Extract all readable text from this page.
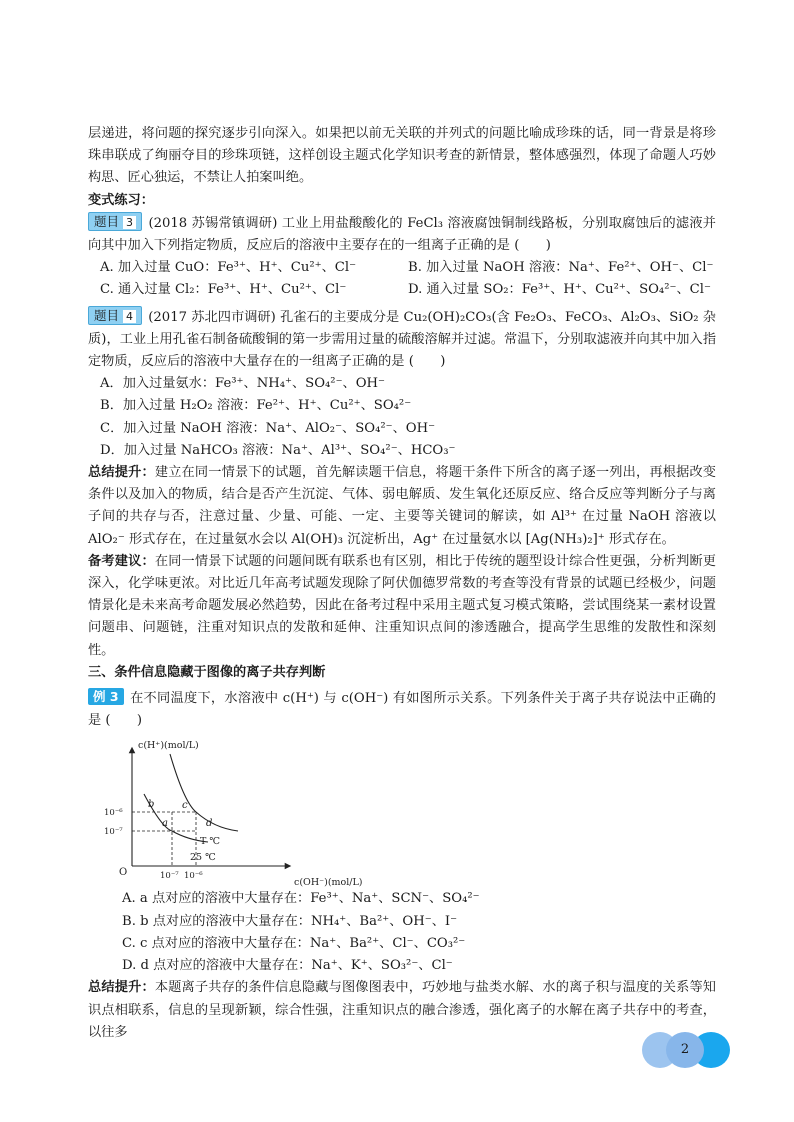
层递进，将问题的探究逐步引向深入。如果把以前无关联的并列式的问题比喻成珍珠的话，同一背景是将珍珠串联成了绚丽夺目的珍珠项链，这样创设主题式化学知识考查的新情景，整体感强烈，体现了命题人巧妙构思、匠心独运，不禁让人拍案叫绝。

变式练习：

题目 3 (2018 苏锡常镇调研) 工业上用盐酸酸化的 FeCl₃ 溶液腐蚀铜制线路板，分别取腐蚀后的滤液并向其中加入下列指定物质，反应后的溶液中主要存在的一组离子正确的是 (　　)

A. 加入过量 CuO：Fe³⁺、H⁺、Cu²⁺、Cl⁻	B. 加入过量 NaOH 溶液：Na⁺、Fe²⁺、OH⁻、Cl⁻
C. 通入过量 Cl₂：Fe³⁺、H⁺、Cu²⁺、Cl⁻	D. 通入过量 SO₂：Fe³⁺、H⁺、Cu²⁺、SO₄²⁻、Cl⁻

题目 4 (2017 苏北四市调研) 孔雀石的主要成分是 Cu₂(OH)₂CO₃(含 Fe₂O₃、FeCO₃、Al₂O₃、SiO₂ 杂质)，工业上用孔雀石制备硫酸铜的第一步需用过量的硫酸溶解并过滤。常温下，分别取滤液并向其中加入指定物质，反应后的溶液中大量存在的一组离子正确的是 (　　)

A．加入过量氨水：Fe³⁺、NH₄⁺、SO₄²⁻、OH⁻
B．加入过量 H₂O₂ 溶液：Fe²⁺、H⁺、Cu²⁺、SO₄²⁻
C．加入过量 NaOH 溶液：Na⁺、AlO₂⁻、SO₄²⁻、OH⁻
D．加入过量 NaHCO₃ 溶液：Na⁺、Al³⁺、SO₄²⁻、HCO₃⁻

总结提升：建立在同一情景下的试题，首先解读题干信息，将题干条件下所含的离子逐一列出，再根据改变条件以及加入的物质，结合是否产生沉淀、气体、弱电解质、发生氧化还原反应、络合反应等判断分子与离子间的共存与否，注意过量、少量、可能、一定、主要等关键词的解读，如 Al³⁺ 在过量 NaOH 溶液以 AlO₂⁻ 形式存在，在过量氨水会以 Al(OH)₃ 沉淀析出，Ag⁺ 在过量氨水以 [Ag(NH₃)₂]⁺ 形式存在。

备考建议：在同一情景下试题的问题间既有联系也有区别，相比于传统的题型设计综合性更强，分析判断更深入，化学味更浓。对比近几年高考试题发现除了阿伏伽德罗常数的考查等没有背景的试题已经极少，问题情景化是未来高考命题发展必然趋势，因此在备考过程中采用主题式复习模式策略，尝试围绕某一素材设置问题串、问题链，注重对知识点的发散和延伸、注重知识点间的渗透融合，提高学生思维的发散性和深刻性。

三、条件信息隐藏于图像的离子共存判断

例 3 在不同温度下，水溶液中 c(H⁺) 与 c(OH⁻) 有如图所示关系。下列条件关于离子共存说法中正确的是 (　　)

c(H⁺)(mol/L)
c(OH⁻)(mol/L)
O
10⁻⁶
10⁻⁷
10⁻⁷ 10⁻⁶
a
b	c
d
T ℃
25 ℃
A. a 点对应的溶液中大量存在：Fe³⁺、Na⁺、SCN⁻、SO₄²⁻
B. b 点对应的溶液中大量存在：NH₄⁺、Ba²⁺、OH⁻、I⁻
C. c 点对应的溶液中大量存在：Na⁺、Ba²⁺、Cl⁻、CO₃²⁻
D. d 点对应的溶液中大量存在：Na⁺、K⁺、SO₃²⁻、Cl⁻

总结提升：本题离子共存的条件信息隐藏与图像图表中，巧妙地与盐类水解、水的离子积与温度的关系等知识点相联系，信息的呈现新颖，综合性强，注重知识点的融合渗透，强化离子的水解在离子共存中的考查，以往多

2
